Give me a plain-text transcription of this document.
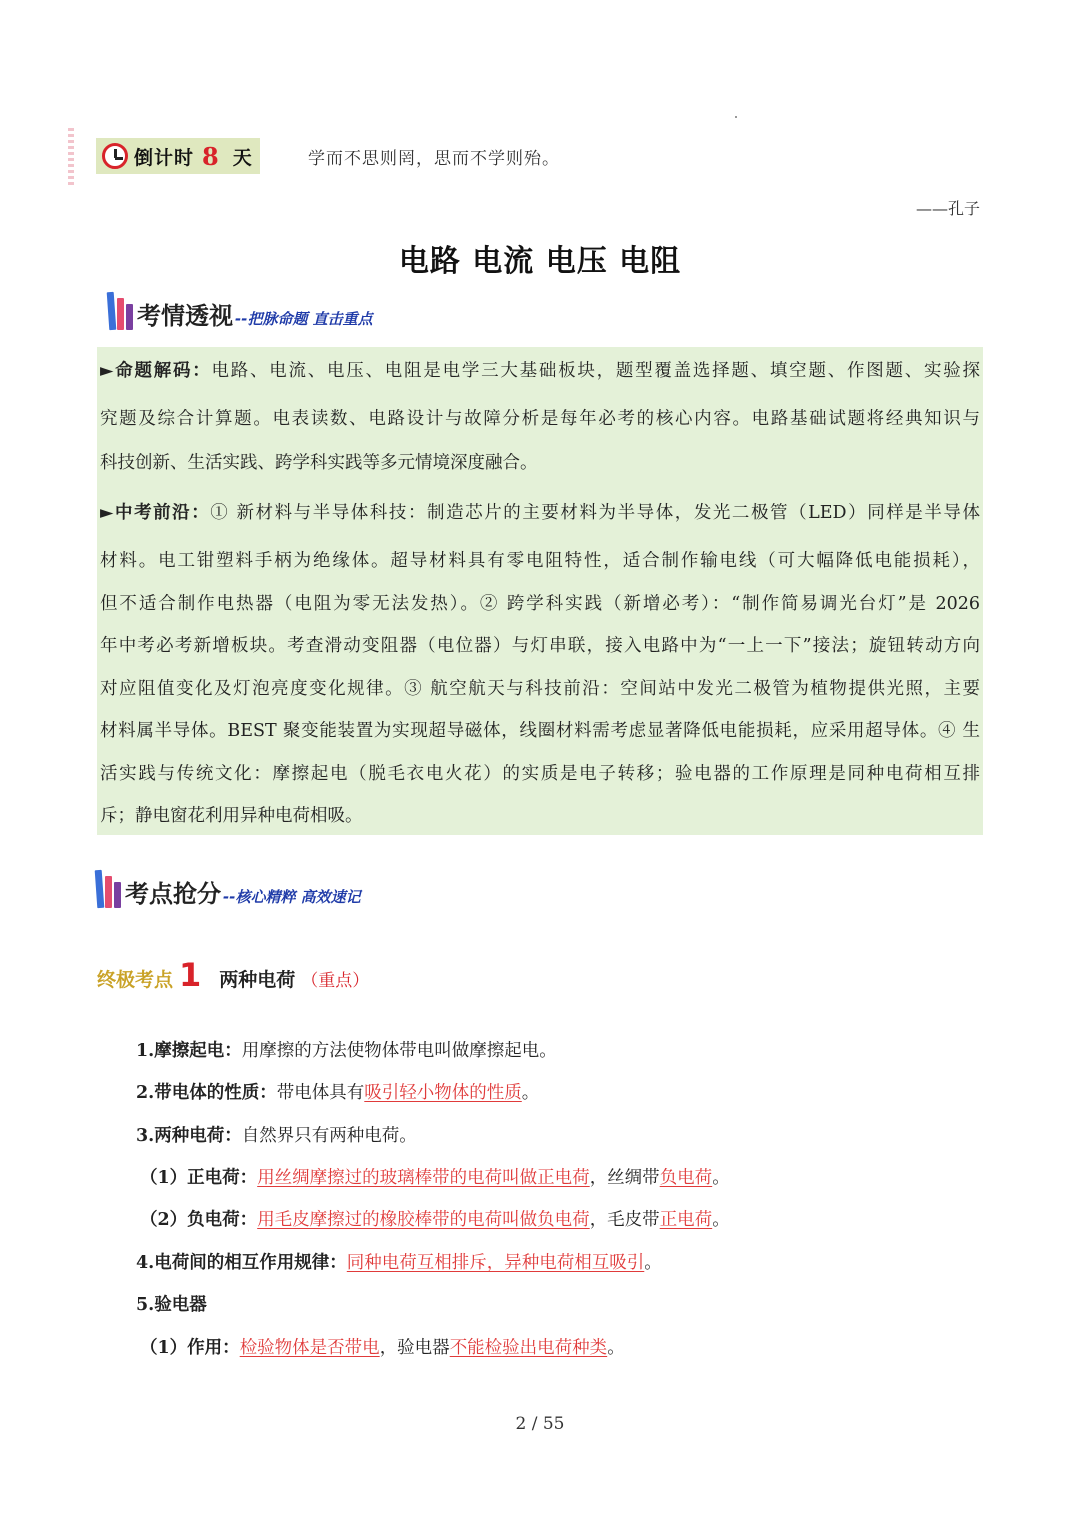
倒计时 8 天	学而不思则罔，思而不学则殆。
——孔子
电路 电流 电压 电阻
考情透视 --把脉命题 直击重点
►命题解码：电路、电流、电压、电阻是电学三大基础板块，题型覆盖选择题、填空题、作图题、实验探
究题及综合计算题。电表读数、电路设计与故障分析是每年必考的核心内容。电路基础试题将经典知识与
科技创新、生活实践、跨学科实践等多元情境深度融合。
►中考前沿：① 新材料与半导体科技：制造芯片的主要材料为半导体，发光二极管（LED）同样是半导体
材料。电工钳塑料手柄为绝缘体。超导材料具有零电阻特性，适合制作输电线（可大幅降低电能损耗），
但不适合制作电热器（电阻为零无法发热）。② 跨学科实践（新增必考）：“制作简易调光台灯”是 2026
年中考必考新增板块。考查滑动变阻器（电位器）与灯串联，接入电路中为“一上一下”接法；旋钮转动方向
对应阻值变化及灯泡亮度变化规律。③ 航空航天与科技前沿：空间站中发光二极管为植物提供光照，主要
材料属半导体。BEST 聚变能装置为实现超导磁体，线圈材料需考虑显著降低电能损耗，应采用超导体。④ 生
活实践与传统文化：摩擦起电（脱毛衣电火花）的实质是电子转移；验电器的工作原理是同种电荷相互排
斥；静电窗花利用异种电荷相吸。
考点抢分 --核心精粹 高效速记
终极考点 1 两种电荷 （重点）
1.摩擦起电：用摩擦的方法使物体带电叫做摩擦起电。
2.带电体的性质：带电体具有吸引轻小物体的性质。
3.两种电荷：自然界只有两种电荷。
（1）正电荷：用丝绸摩擦过的玻璃棒带的电荷叫做正电荷，丝绸带负电荷。
（2）负电荷：用毛皮摩擦过的橡胶棒带的电荷叫做负电荷，毛皮带正电荷。
4.电荷间的相互作用规律：同种电荷互相排斥，异种电荷相互吸引。
5.验电器
（1）作用：检验物体是否带电，验电器不能检验出电荷种类。
2 / 55
